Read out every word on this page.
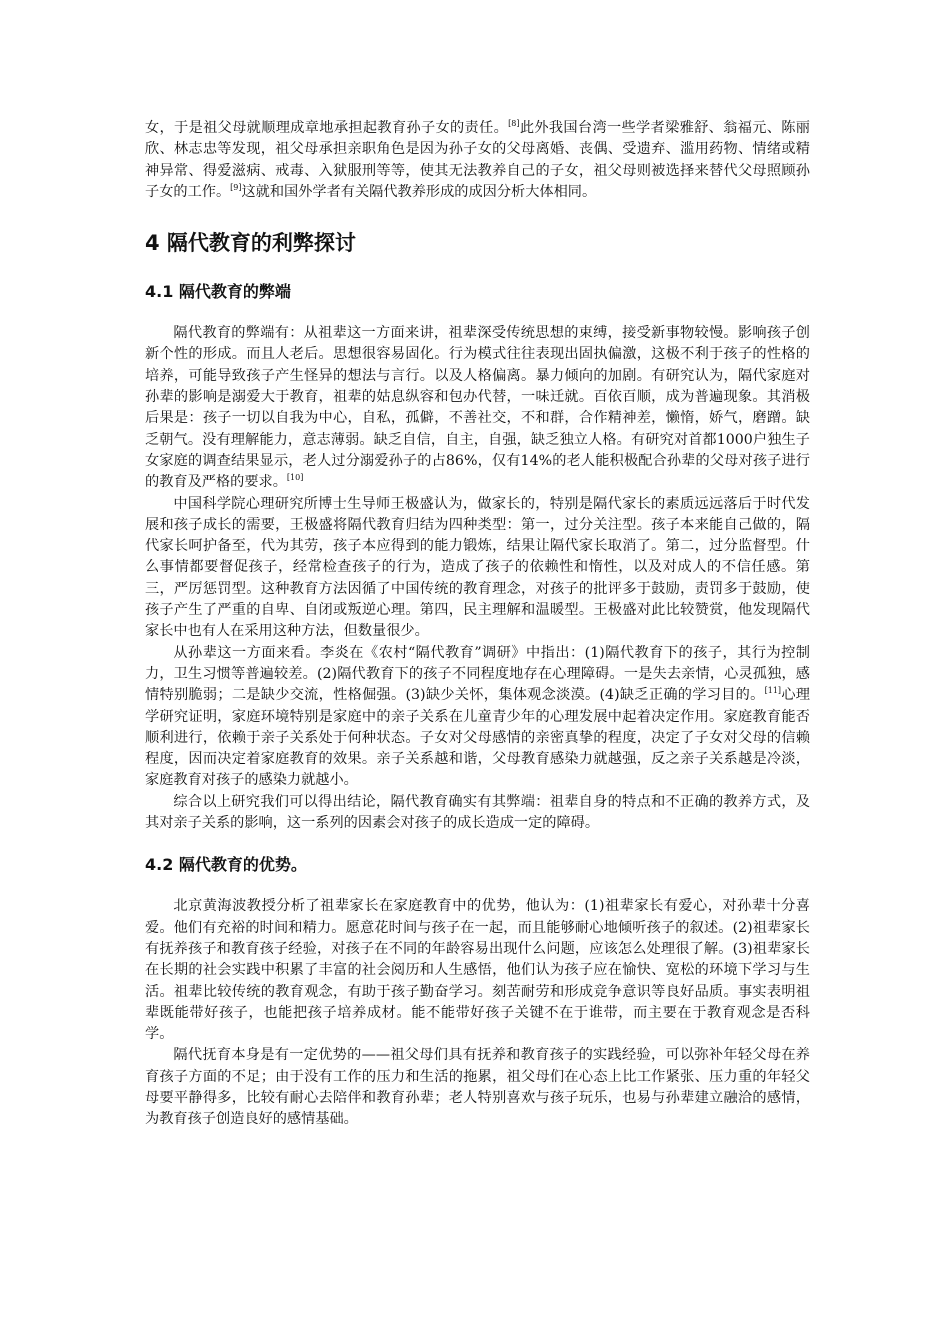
女，于是祖父母就顺理成章地承担起教育孙子女的责任。[8]此外我国台湾一些学者梁雅舒、翁福元、陈丽欣、林志忠等发现，祖父母承担亲职角色是因为孙子女的父母离婚、丧偶、受遗弃、滥用药物、情绪或精神异常、得爱滋病、戒毒、入狱服刑等等，使其无法教养自己的子女，祖父母则被选择来替代父母照顾孙子女的工作。[9]这就和国外学者有关隔代教养形成的成因分析大体相同。

4 隔代教育的利弊探讨
4.1 隔代教育的弊端

隔代教育的弊端有：从祖辈这一方面来讲，祖辈深受传统思想的束缚，接受新事物较慢。影响孩子创新个性的形成。而且人老后。思想很容易固化。行为模式往往表现出固执偏激，这极不利于孩子的性格的培养，可能导致孩子产生怪异的想法与言行。以及人格偏离。暴力倾向的加剧。有研究认为，隔代家庭对孙辈的影响是溺爱大于教育，祖辈的姑息纵容和包办代替，一味迁就。百依百顺，成为普遍现象。其消极后果是：孩子一切以自我为中心，自私，孤僻，不善社交，不和群，合作精神差，懒惰，娇气，磨蹭。缺乏朝气。没有理解能力，意志薄弱。缺乏自信，自主，自强，缺乏独立人格。有研究对首都1000户独生子女家庭的调查结果显示，老人过分溺爱孙子的占86%，仅有14%的老人能积极配合孙辈的父母对孩子进行的教育及严格的要求。[10]

中国科学院心理研究所博士生导师王极盛认为，做家长的，特别是隔代家长的素质远远落后于时代发展和孩子成长的需要，王极盛将隔代教育归结为四种类型：第一，过分关注型。孩子本来能自己做的，隔代家长呵护备至，代为其劳，孩子本应得到的能力锻炼，结果让隔代家长取消了。第二，过分监督型。什么事情都要督促孩子，经常检查孩子的行为，造成了孩子的依赖性和惰性，以及对成人的不信任感。第三，严厉惩罚型。这种教育方法因循了中国传统的教育理念，对孩子的批评多于鼓励，责罚多于鼓励，使孩子产生了严重的自卑、自闭或叛逆心理。第四，民主理解和温暖型。王极盛对此比较赞赏，他发现隔代家长中也有人在采用这种方法，但数量很少。

从孙辈这一方面来看。李炎在《农村“隔代教育”调研》中指出：(1)隔代教育下的孩子，其行为控制力，卫生习惯等普遍较差。(2)隔代教育下的孩子不同程度地存在心理障碍。一是失去亲情，心灵孤独，感情特别脆弱；二是缺少交流，性格倔强。(3)缺少关怀，集体观念淡漠。(4)缺乏正确的学习目的。[11]心理学研究证明，家庭环境特别是家庭中的亲子关系在儿童青少年的心理发展中起着决定作用。家庭教育能否顺利进行，依赖于亲子关系处于何种状态。子女对父母感情的亲密真挚的程度，决定了子女对父母的信赖程度，因而决定着家庭教育的效果。亲子关系越和谐，父母教育感染力就越强，反之亲子关系越是冷淡，家庭教育对孩子的感染力就越小。

综合以上研究我们可以得出结论，隔代教育确实有其弊端：祖辈自身的特点和不正确的教养方式，及其对亲子关系的影响，这一系列的因素会对孩子的成长造成一定的障碍。

4.2 隔代教育的优势。

北京黄海波教授分析了祖辈家长在家庭教育中的优势，他认为：(1)祖辈家长有爱心，对孙辈十分喜爱。他们有充裕的时间和精力。愿意花时间与孩子在一起，而且能够耐心地倾听孩子的叙述。(2)祖辈家长有抚养孩子和教育孩子经验，对孩子在不同的年龄容易出现什么问题，应该怎么处理很了解。(3)祖辈家长在长期的社会实践中积累了丰富的社会阅历和人生感悟，他们认为孩子应在愉快、宽松的环境下学习与生活。祖辈比较传统的教育观念，有助于孩子勤奋学习。刻苦耐劳和形成竞争意识等良好品质。事实表明祖辈既能带好孩子，也能把孩子培养成材。能不能带好孩子关键不在于谁带，而主要在于教育观念是否科学。

隔代抚育本身是有一定优势的——祖父母们具有抚养和教育孩子的实践经验，可以弥补年轻父母在养育孩子方面的不足；由于没有工作的压力和生活的拖累，祖父母们在心态上比工作紧张、压力重的年轻父母要平静得多，比较有耐心去陪伴和教育孙辈；老人特别喜欢与孩子玩乐，也易与孙辈建立融洽的感情，为教育孩子创造良好的感情基础。
